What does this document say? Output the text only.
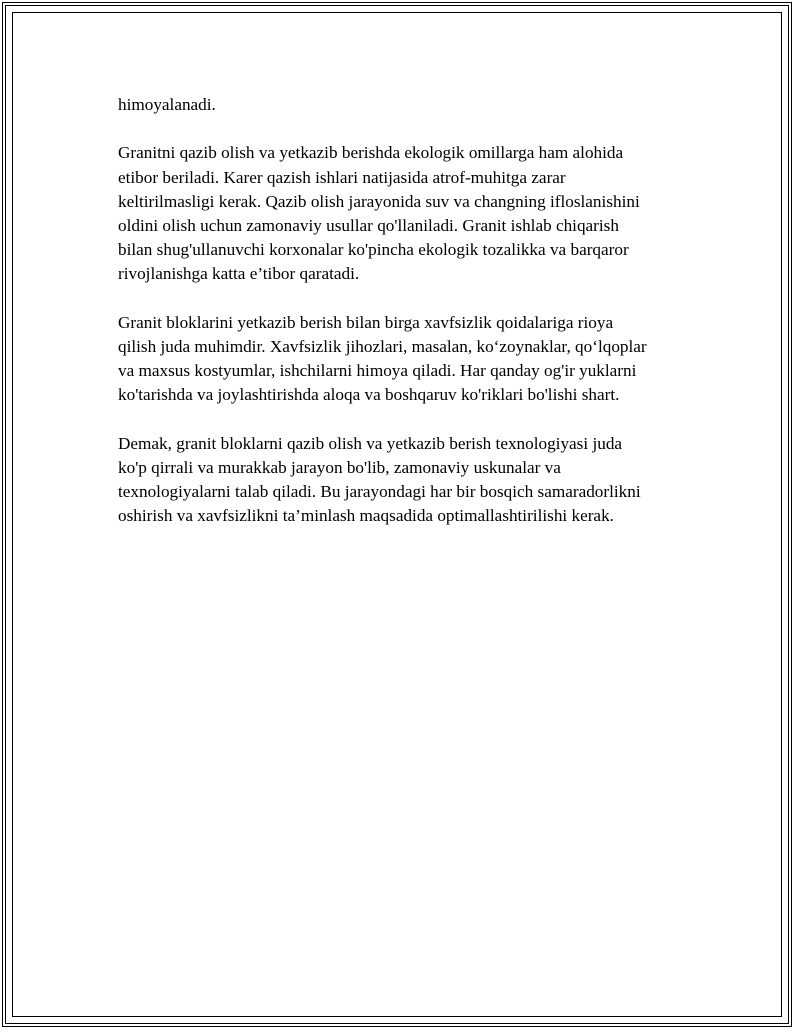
himoyalanadi.

Granitni qazib olish va yetkazib berishda ekologik omillarga ham alohida
etibor beriladi. Karer qazish ishlari natijasida atrof-muhitga zarar
keltirilmasligi kerak. Qazib olish jarayonida suv va changning ifloslanishini
oldini olish uchun zamonaviy usullar qo'llaniladi. Granit ishlab chiqarish
bilan shug'ullanuvchi korxonalar ko'pincha ekologik tozalikka va barqaror
rivojlanishga katta e’tibor qaratadi.

Granit bloklarini yetkazib berish bilan birga xavfsizlik qoidalariga rioya
qilish juda muhimdir. Xavfsizlik jihozlari, masalan, ko‘zoynaklar, qo‘lqoplar
va maxsus kostyumlar, ishchilarni himoya qiladi. Har qanday og'ir yuklarni
ko'tarishda va joylashtirishda aloqa va boshqaruv ko'riklari bo'lishi shart.

Demak, granit bloklarni qazib olish va yetkazib berish texnologiyasi juda
ko'p qirrali va murakkab jarayon bo'lib, zamonaviy uskunalar va
texnologiyalarni talab qiladi. Bu jarayondagi har bir bosqich samaradorlikni
oshirish va xavfsizlikni ta’minlash maqsadida optimallashtirilishi kerak.
